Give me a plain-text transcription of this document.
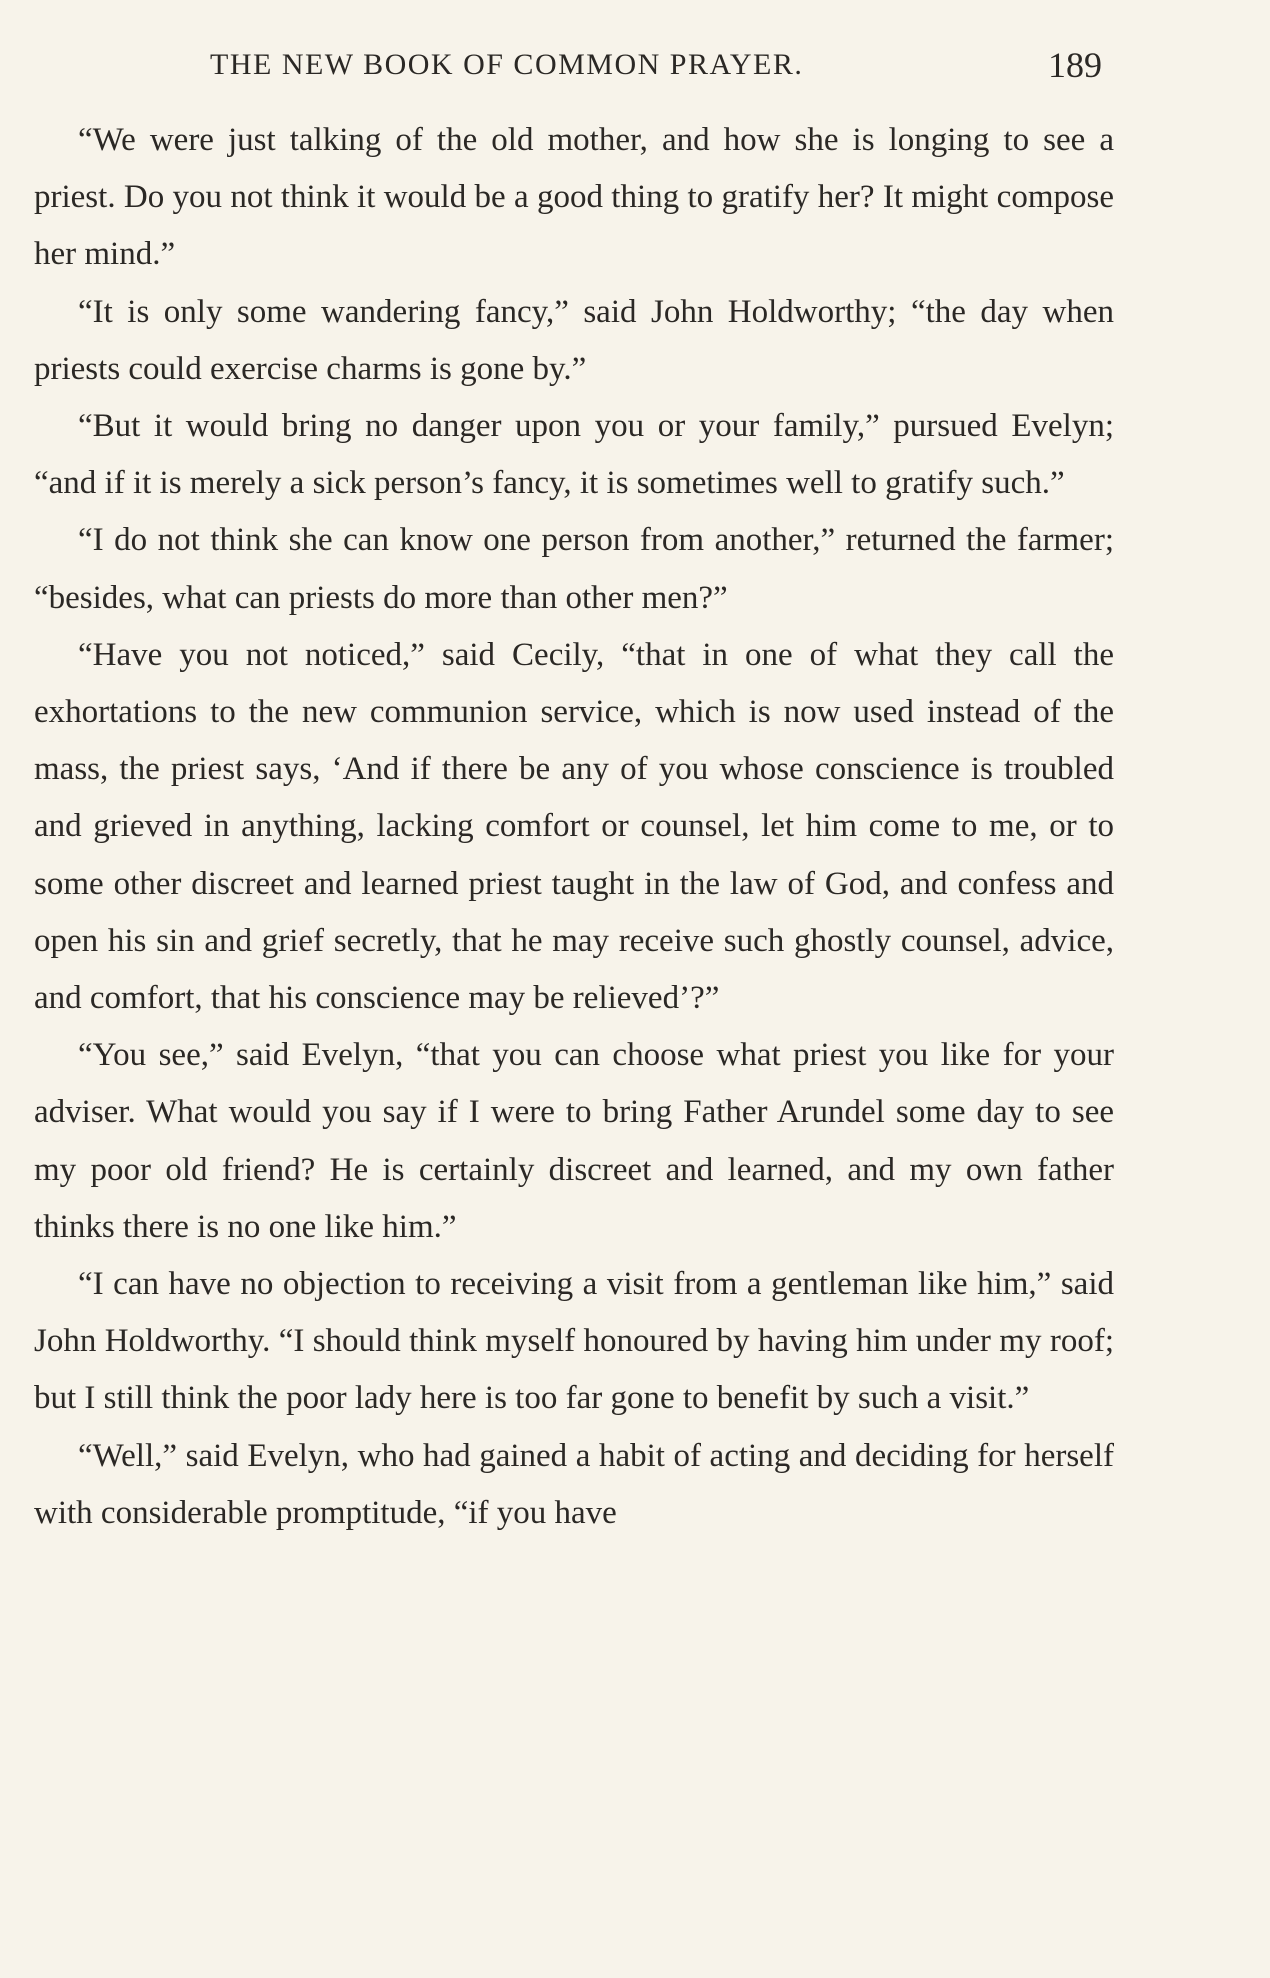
THE NEW BOOK OF COMMON PRAYER.	189

“We were just talking of the old mother, and how she is longing to see a priest. Do you not think it would be a good thing to gratify her? It might compose her mind.”

“It is only some wandering fancy,” said John Holdworthy; “the day when priests could exercise charms is gone by.”

“But it would bring no danger upon you or your family,” pursued Evelyn; “and if it is merely a sick person’s fancy, it is sometimes well to gratify such.”

“I do not think she can know one person from another,” returned the farmer; “besides, what can priests do more than other men?”

“Have you not noticed,” said Cecily, “that in one of what they call the exhortations to the new communion service, which is now used instead of the mass, the priest says, ‘And if there be any of you whose conscience is troubled and grieved in anything, lacking comfort or counsel, let him come to me, or to some other discreet and learned priest taught in the law of God, and confess and open his sin and grief secretly, that he may receive such ghostly counsel, advice, and comfort, that his conscience may be relieved’?”

“You see,” said Evelyn, “that you can choose what priest you like for your adviser. What would you say if I were to bring Father Arundel some day to see my poor old friend? He is certainly discreet and learned, and my own father thinks there is no one like him.”

“I can have no objection to receiving a visit from a gentleman like him,” said John Holdworthy. “I should think myself honoured by having him under my roof; but I still think the poor lady here is too far gone to benefit by such a visit.”

“Well,” said Evelyn, who had gained a habit of acting and deciding for herself with considerable promptitude, “if you have
